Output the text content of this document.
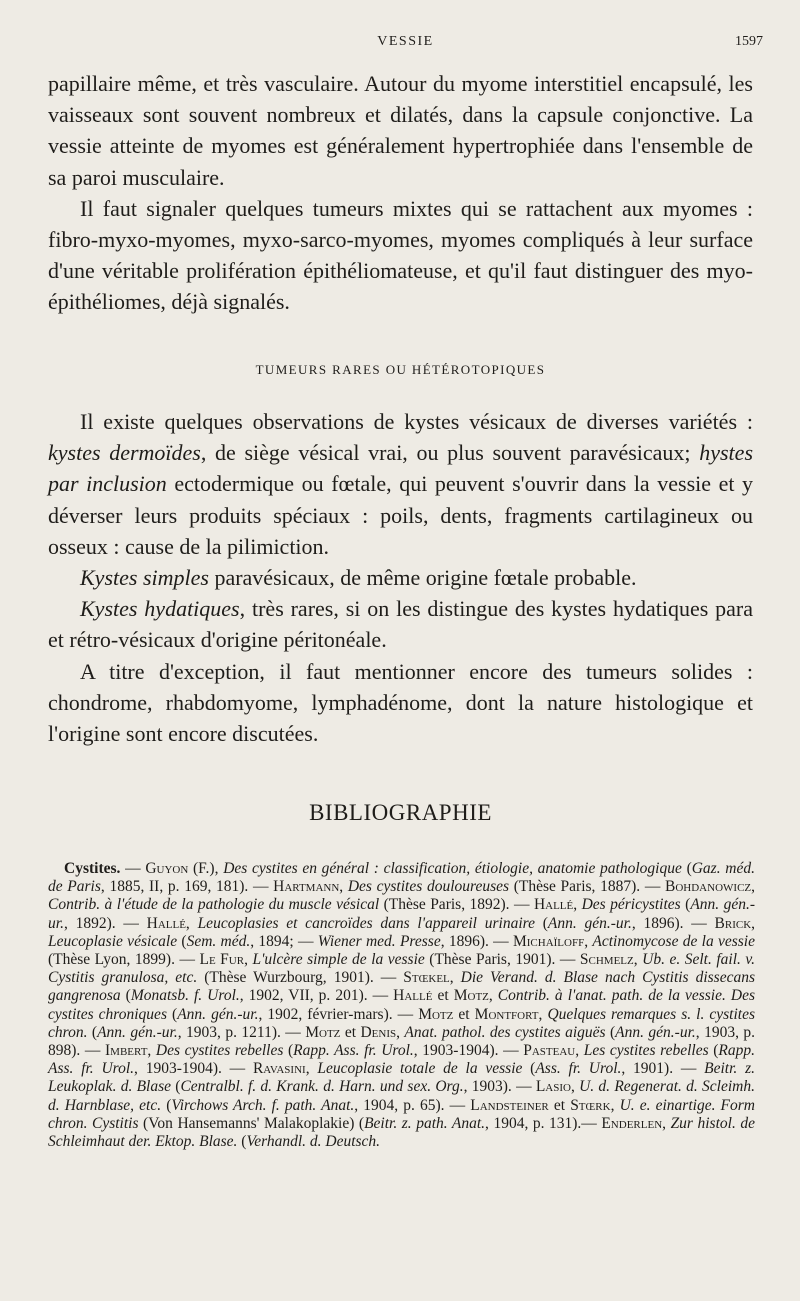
VESSIE	1597

papillaire même, et très vasculaire. Autour du myome interstitiel encapsulé, les vaisseaux sont souvent nombreux et dilatés, dans la capsule conjonctive. La vessie atteinte de myomes est généralement hypertrophiée dans l'ensemble de sa paroi musculaire.

Il faut signaler quelques tumeurs mixtes qui se rattachent aux myomes : fibro-myxo-myomes, myxo-sarco-myomes, myomes compliqués à leur surface d'une véritable prolifération épithéliomateuse, et qu'il faut distinguer des myo-épithéliomes, déjà signalés.

TUMEURS RARES OU HÉTÉROTOPIQUES

Il existe quelques observations de kystes vésicaux de diverses variétés : kystes dermoïdes, de siège vésical vrai, ou plus souvent paravésicaux; hystes par inclusion ectodermique ou fœtale, qui peuvent s'ouvrir dans la vessie et y déverser leurs produits spéciaux : poils, dents, fragments cartilagineux ou osseux : cause de la pilimiction.

Kystes simples paravésicaux, de même origine fœtale probable.

Kystes hydatiques, très rares, si on les distingue des kystes hydatiques para et rétro-vésicaux d'origine péritonéale.

A titre d'exception, il faut mentionner encore des tumeurs solides : chondrome, rhabdomyome, lymphadénome, dont la nature histologique et l'origine sont encore discutées.

BIBLIOGRAPHIE

Cystites. — Guyon (F.), Des cystites en général : classification, étiologie, anatomie pathologique (Gaz. méd. de Paris, 1885, II, p. 169, 181). — Hartmann, Des cystites douloureuses (Thèse Paris, 1887). — Bohdanowicz, Contrib. à l'étude de la pathologie du muscle vésical (Thèse Paris, 1892). — Hallé, Des péricystites (Ann. gén.-ur., 1892). — Hallé, Leucoplasies et cancroïdes dans l'appareil urinaire (Ann. gén.-ur., 1896). — Brick, Leucoplasie vésicale (Sem. méd., 1894; — Wiener med. Presse, 1896). — Michaïloff, Actinomycose de la vessie (Thèse Lyon, 1899). — Le Fur, L'ulcère simple de la vessie (Thèse Paris, 1901). — Schmelz, Ub. e. Selt. fail. v. Cystitis granulosa, etc. (Thèse Wurzbourg, 1901). — Stœkel, Die Verand. d. Blase nach Cystitis dissecans gangrenosa (Monatsb. f. Urol., 1902, VII, p. 201). — Hallé et Motz, Contrib. à l'anat. path. de la vessie. Des cystites chroniques (Ann. gén.-ur., 1902, février-mars). — Motz et Montfort, Quelques remarques s. l. cystites chron. (Ann. gén.-ur., 1903, p. 1211). — Motz et Denis, Anat. pathol. des cystites aiguës (Ann. gén.-ur., 1903, p. 898). — Imbert, Des cystites rebelles (Rapp. Ass. fr. Urol., 1903-1904). — Pasteau, Les cystites rebelles (Rapp. Ass. fr. Urol., 1903-1904). — Ravasini, Leucoplasie totale de la vessie (Ass. fr. Urol., 1901). — Beitr. z. Leukoplak. d. Blase (Centralbl. f. d. Krank. d. Harn. und sex. Org., 1903). — Lasio, U. d. Regenerat. d. Scleimh. d. Harnblase, etc. (Virchows Arch. f. path. Anat., 1904, p. 65). — Landsteiner et Stœrk, U. e. einartige. Form chron. Cystitis (Von Hansemanns' Malakoplakie) (Beitr. z. path. Anat., 1904, p. 131).— Enderlen, Zur histol. de Schleimhaut der. Ektop. Blase. (Verhandl. d. Deutsch.
